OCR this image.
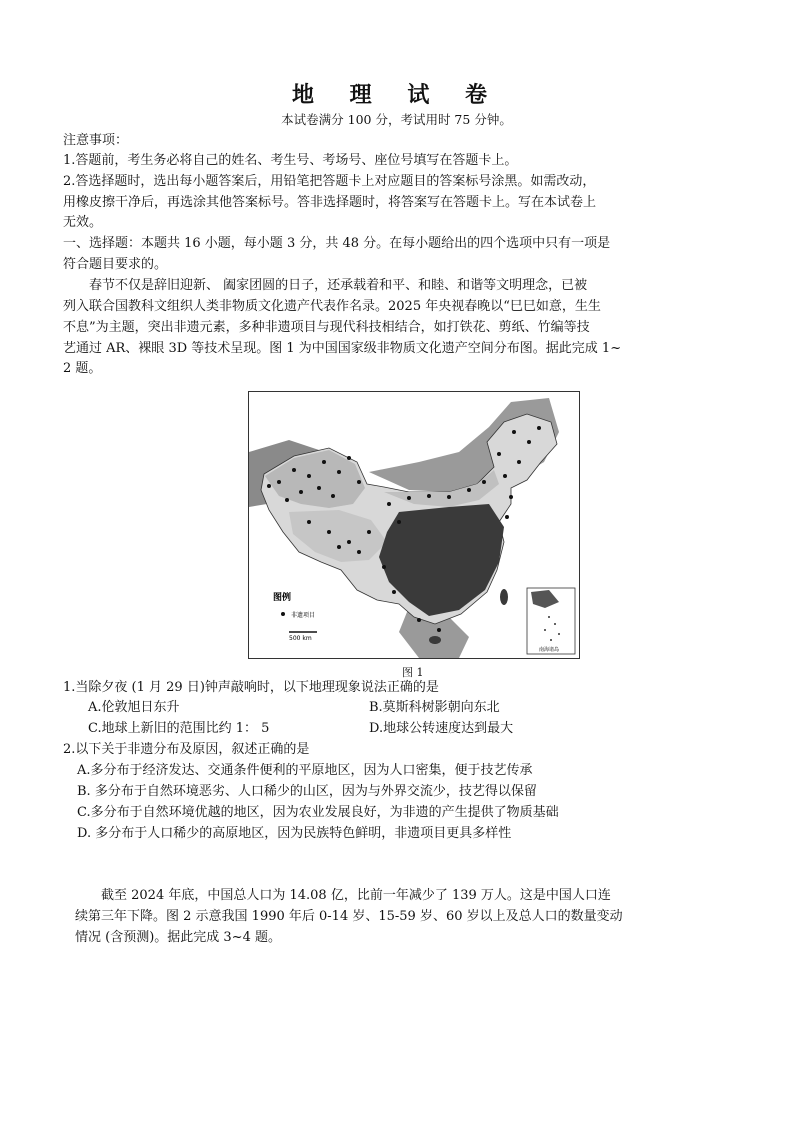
地 理 试 卷
本试卷满分 100 分，考试用时 75 分钟。
注意事项：
1.答题前，考生务必将自己的姓名、考生号、考场号、座位号填写在答题卡上。
2.答选择题时，选出每小题答案后，用铅笔把答题卡上对应题目的答案标号涂黑。如需改动，
用橡皮擦干净后，再选涂其他答案标号。答非选择题时，将答案写在答题卡上。写在本试卷上
无效。
一、选择题：本题共 16 小题，每小题 3 分，共 48 分。在每小题给出的四个选项中只有一项是
符合题目要求的。
春节不仅是辞旧迎新、 阖家团圆的日子，还承载着和平、和睦、和谐等文明理念，已被
列入联合国教科文组织人类非物质文化遗产代表作名录。2025 年央视春晚以“巳巳如意，生生
不息”为主题，突出非遗元素，多种非遗项目与现代科技相结合，如打铁花、剪纸、竹编等技
艺通过 AR、裸眼 3D 等技术呈现。图 1 为中国国家级非物质文化遗产空间分布图。据此完成 1~
2 题。
图例
非遗项目
500 km
南海诸岛
图 1
1.当除夕夜 (1 月 29 日)钟声敲响时，以下地理现象说法正确的是
A.伦敦旭日东升	B.莫斯科树影朝向东北
C.地球上新旧的范围比约 1： 5	D.地球公转速度达到最大
2.以下关于非遗分布及原因，叙述正确的是
A.多分布于经济发达、交通条件便利的平原地区，因为人口密集，便于技艺传承
B. 多分布于自然环境恶劣、人口稀少的山区，因为与外界交流少，技艺得以保留
C.多分布于自然环境优越的地区，因为农业发展良好，为非遗的产生提供了物质基础
D. 多分布于人口稀少的高原地区，因为民族特色鲜明，非遗项目更具多样性
截至 2024 年底，中国总人口为 14.08 亿，比前一年减少了 139 万人。这是中国人口连
续第三年下降。图 2 示意我国 1990 年后 0-14 岁、15-59 岁、60 岁以上及总人口的数量变动
情况 (含预测)。据此完成 3~4 题。
